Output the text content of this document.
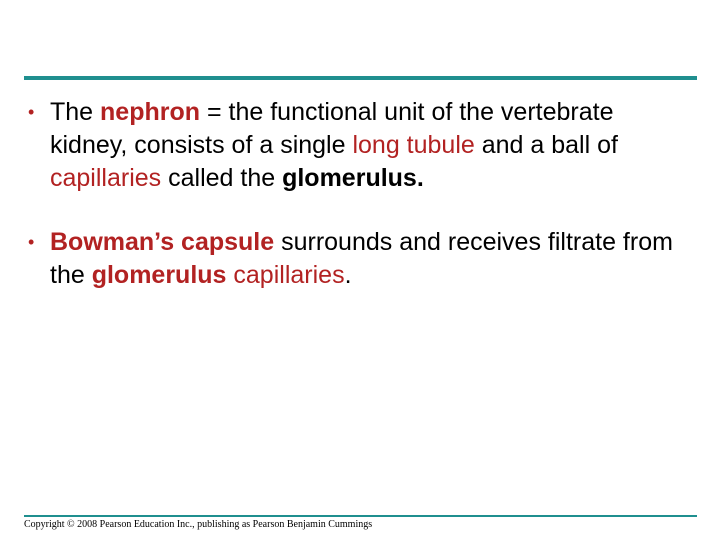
• The nephron = the functional unit of the vertebrate kidney, consists of a single long tubule and a ball of capillaries called the glomerulus.
• Bowman’s capsule surrounds and receives filtrate from the glomerulus capillaries.
Copyright © 2008 Pearson Education Inc., publishing as Pearson Benjamin Cummings
